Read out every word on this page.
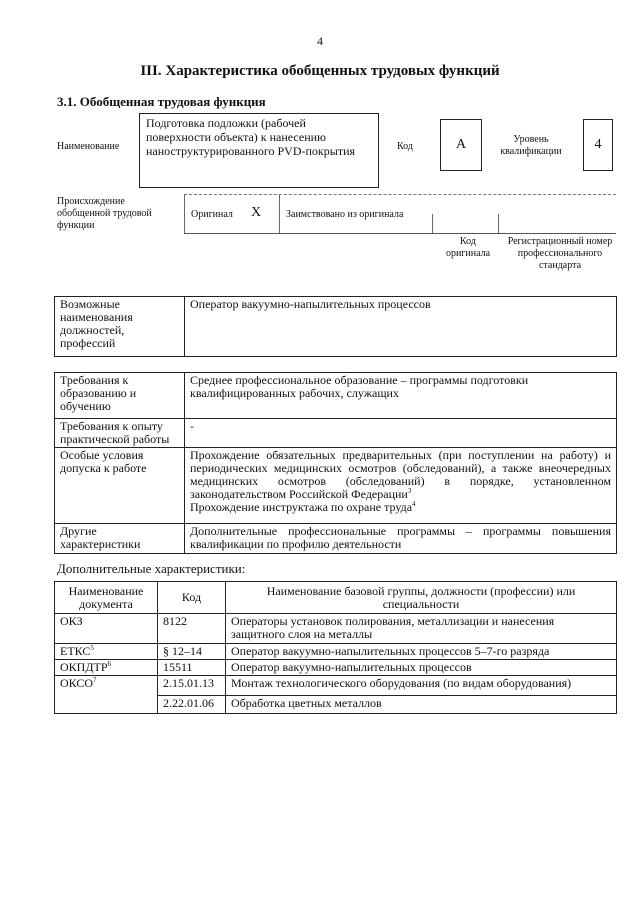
4
III. Характеристика обобщенных трудовых функций
3.1. Обобщенная трудовая функция
Наименование
Подготовка подложки (рабочей поверхности объекта) к нанесению наноструктурированного PVD-покрытия	Код	А	Уровень квалификации	4
Происхождение обобщенной трудовой функции
Оригинал Х Заимствовано из оригинала
Код оригинала
Регистрационный номер профессионального стандарта
Возможные наименования должностей, профессий	Оператор вакуумно-напылительных процессов
Требования к образованию и обучению	Среднее профессиональное образование – программы подготовки квалифицированных рабочих, служащих
Требования к опыту практической работы	-
Особые условия допуска к работе	Прохождение обязательных предварительных (при поступлении на работу) и периодических медицинских осмотров (обследований), а также внеочередных медицинских осмотров (обследований) в порядке, установленном законодательством Российской Федерации$^3$
Прохождение инструктажа по охране труда$^4$
Другие характеристики	Дополнительные профессиональные программы – программы повышения квалификации по профилю деятельности
Дополнительные характеристики:
Наименование документа	Код	Наименование базовой группы, должности (профессии) или специальности
ОКЗ	8122	Операторы установок полирования, металлизации и нанесения защитного слоя на металлы
ЕТКС$^5$	§ 12–14	Оператор вакуумно-напылительных процессов 5–7-го разряда
ОКПДТР$^6$	15511	Оператор вакуумно-напылительных процессов
ОКСО$^7$	2.15.01.13	Монтаж технологического оборудования (по видам оборудования)
	2.22.01.06	Обработка цветных металлов
